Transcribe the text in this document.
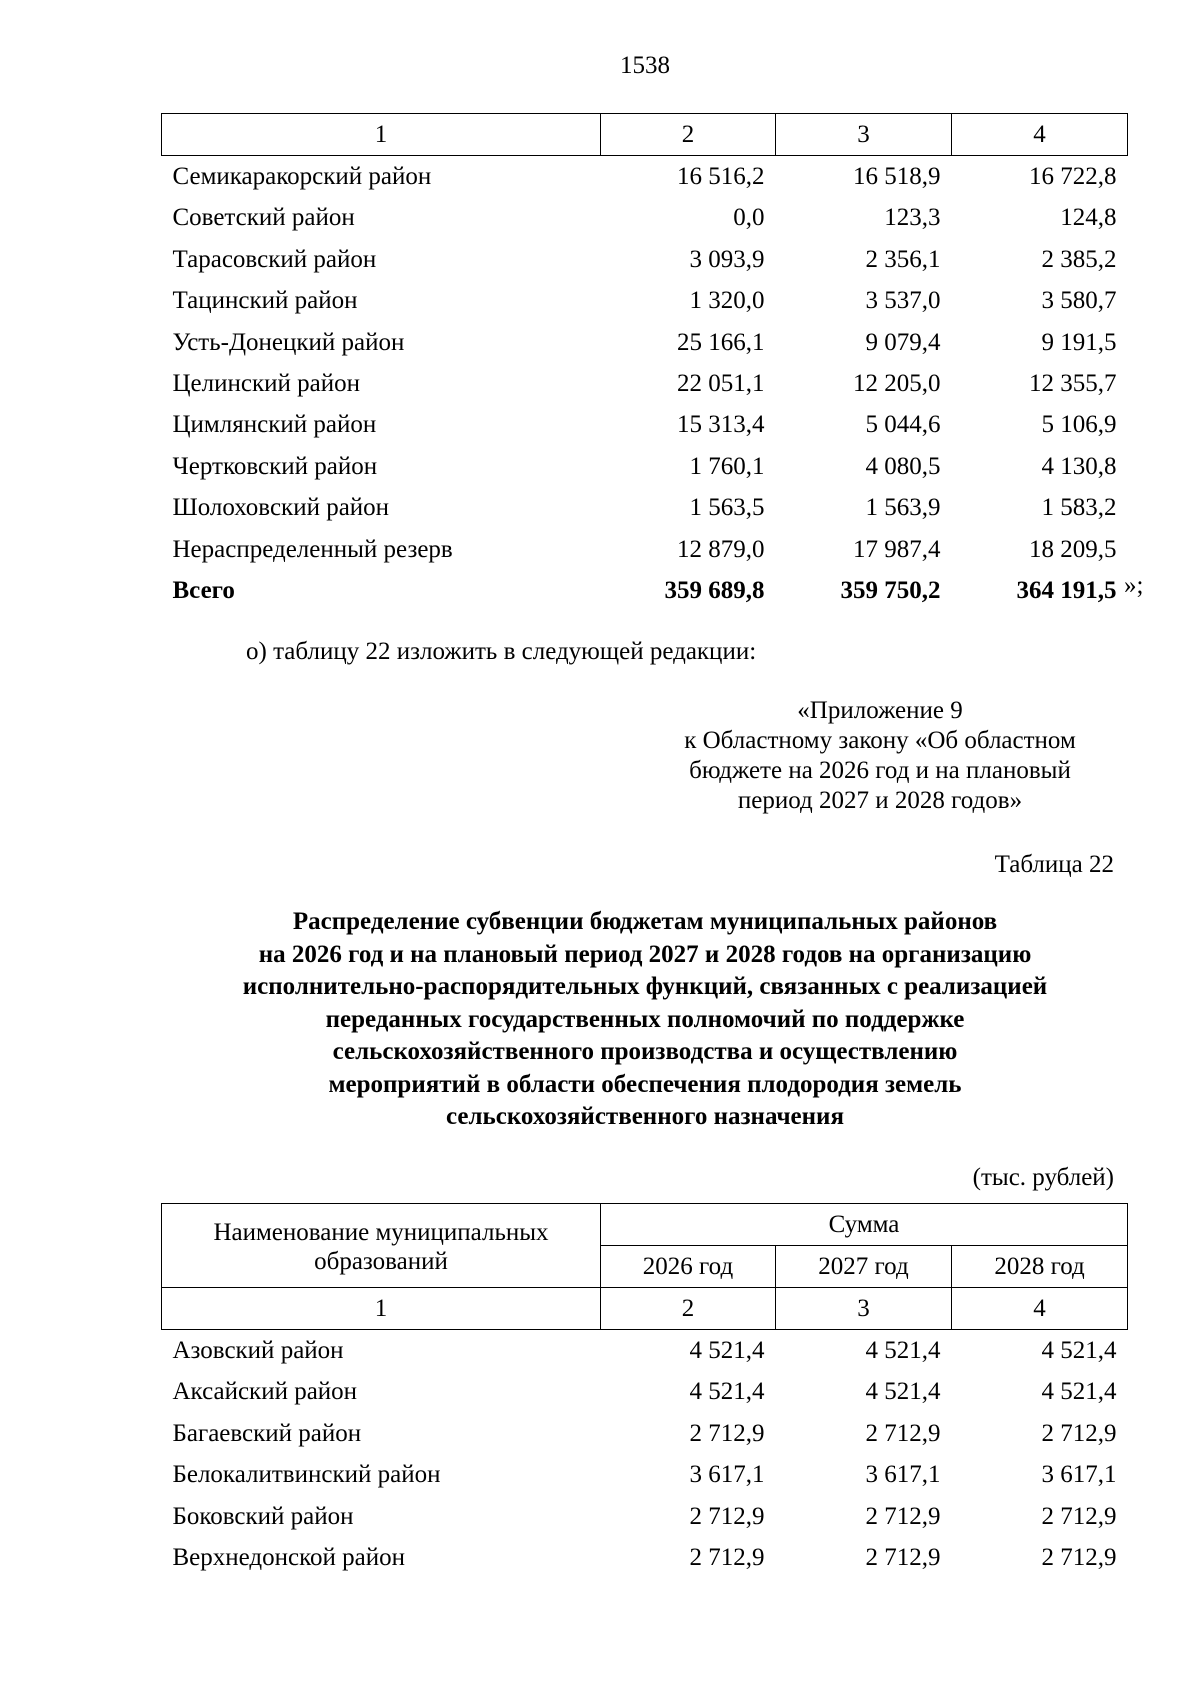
1538
1	2	3	4
Семикаракорский район	16 516,2	16 518,9	16 722,8
Советский район	0,0	123,3	124,8
Тарасовский район	3 093,9	2 356,1	2 385,2
Тацинский район	1 320,0	3 537,0	3 580,7
Усть-Донецкий район	25 166,1	9 079,4	9 191,5
Целинский район	22 051,1	12 205,0	12 355,7
Цимлянский район	15 313,4	5 044,6	5 106,9
Чертковский район	1 760,1	4 080,5	4 130,8
Шолоховский район	1 563,5	1 563,9	1 583,2
Нераспределенный резерв	12 879,0	17 987,4	18 209,5
Всего	359 689,8	359 750,2	364 191,5 »;
о) таблицу 22 изложить в следующей редакции:
«Приложение 9
к Областному закону «Об областном
бюджете на 2026 год и на плановый
период 2027 и 2028 годов»
Таблица 22
Распределение субвенции бюджетам муниципальных районов
на 2026 год и на плановый период 2027 и 2028 годов на организацию
исполнительно-распорядительных функций, связанных с реализацией
переданных государственных полномочий по поддержке
сельскохозяйственного производства и осуществлению
мероприятий в области обеспечения плодородия земель
сельскохозяйственного назначения
(тыс. рублей)
Наименование муниципальных образований	Сумма		
	2026 год	2027 год	2028 год
1	2	3	4
Азовский район	4 521,4	4 521,4	4 521,4
Аксайский район	4 521,4	4 521,4	4 521,4
Багаевский район	2 712,9	2 712,9	2 712,9
Белокалитвинский район	3 617,1	3 617,1	3 617,1
Боковский район	2 712,9	2 712,9	2 712,9
Верхнедонской район	2 712,9	2 712,9	2 712,9
